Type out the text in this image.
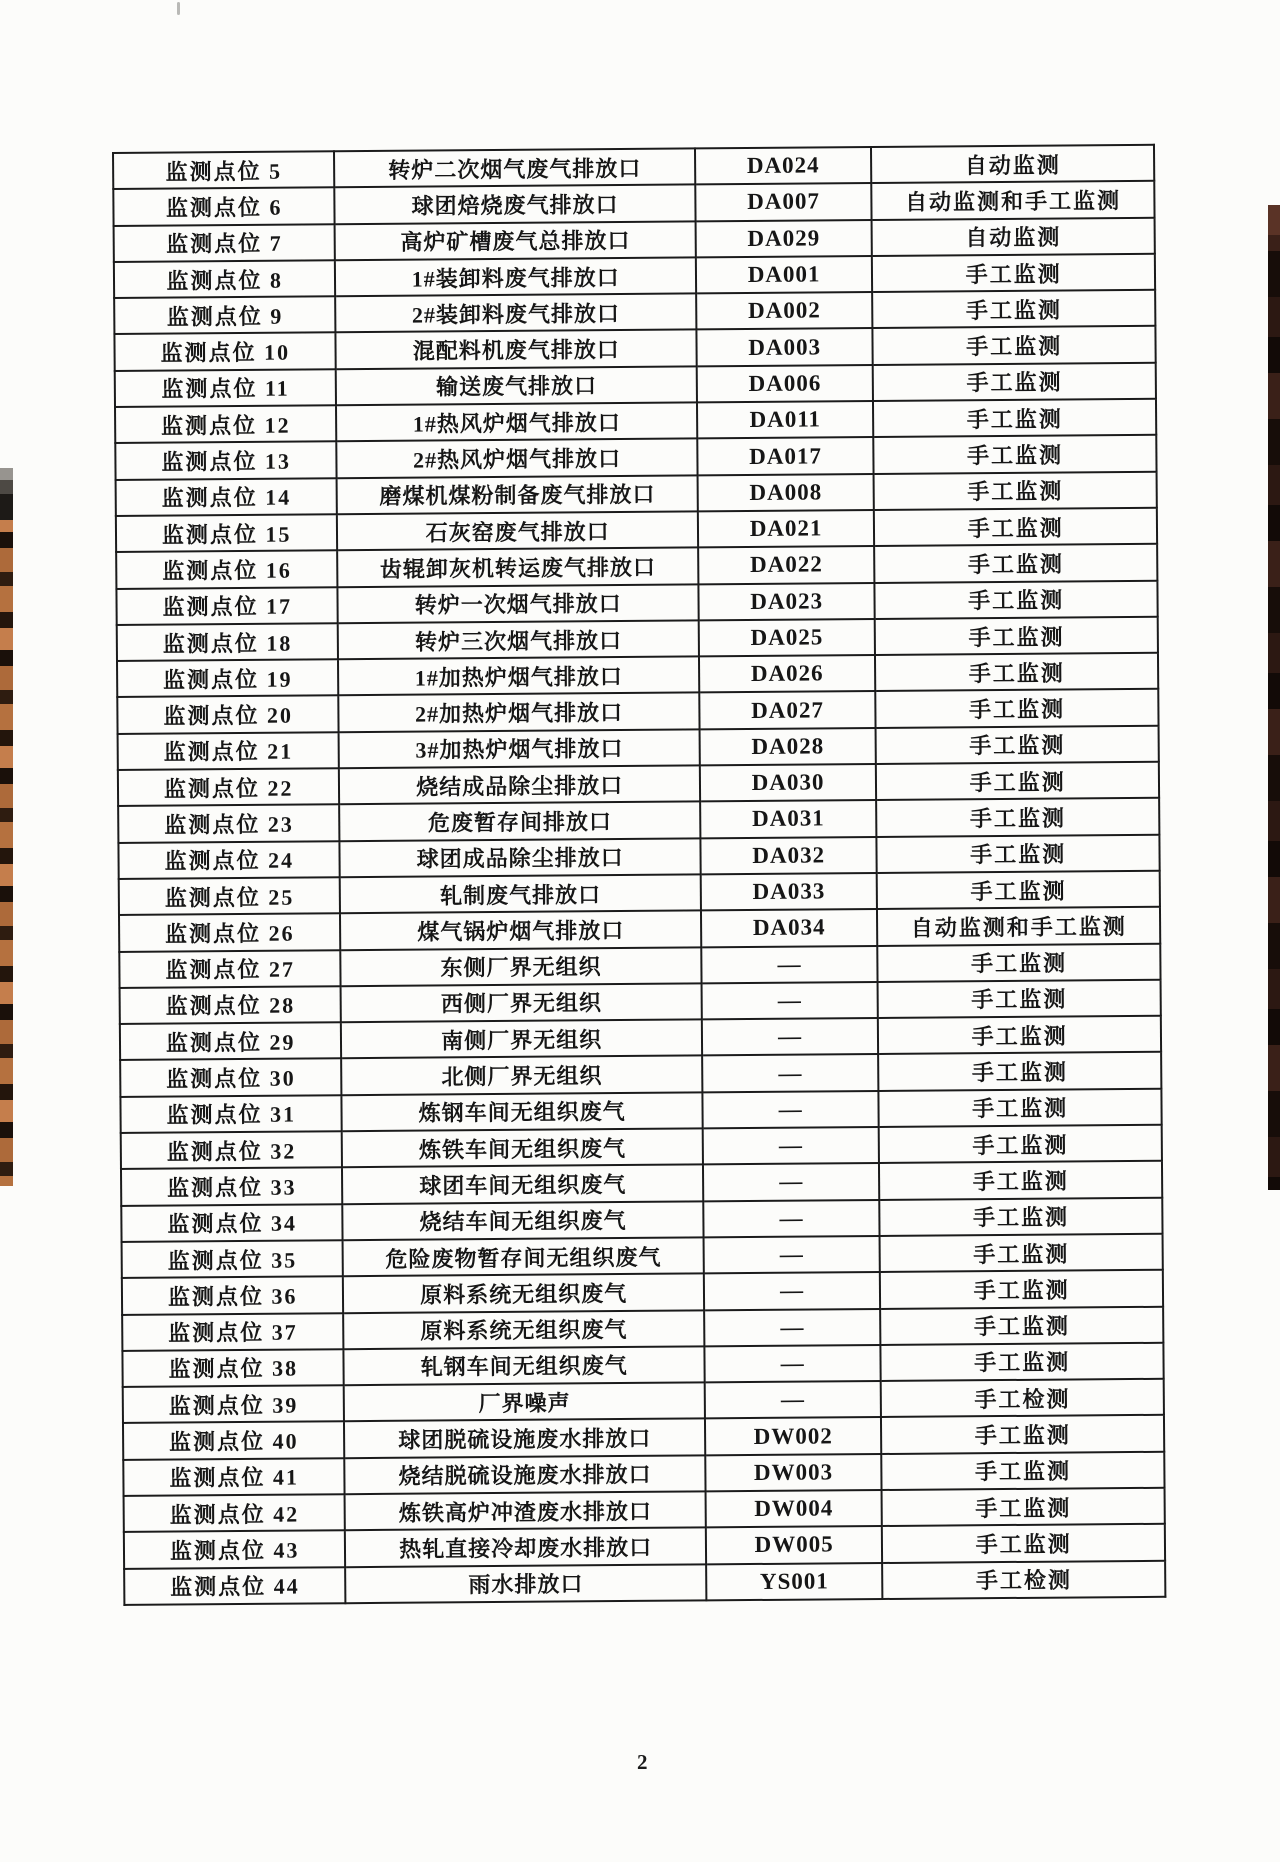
监测点位 5	转炉二次烟气废气排放口	DA024	自动监测
监测点位 6	球团焙烧废气排放口	DA007	自动监测和手工监测
监测点位 7	高炉矿槽废气总排放口	DA029	自动监测
监测点位 8	1#装卸料废气排放口	DA001	手工监测
监测点位 9	2#装卸料废气排放口	DA002	手工监测
监测点位 10	混配料机废气排放口	DA003	手工监测
监测点位 11	输送废气排放口	DA006	手工监测
监测点位 12	1#热风炉烟气排放口	DA011	手工监测
监测点位 13	2#热风炉烟气排放口	DA017	手工监测
监测点位 14	磨煤机煤粉制备废气排放口	DA008	手工监测
监测点位 15	石灰窑废气排放口	DA021	手工监测
监测点位 16	齿辊卸灰机转运废气排放口	DA022	手工监测
监测点位 17	转炉一次烟气排放口	DA023	手工监测
监测点位 18	转炉三次烟气排放口	DA025	手工监测
监测点位 19	1#加热炉烟气排放口	DA026	手工监测
监测点位 20	2#加热炉烟气排放口	DA027	手工监测
监测点位 21	3#加热炉烟气排放口	DA028	手工监测
监测点位 22	烧结成品除尘排放口	DA030	手工监测
监测点位 23	危废暂存间排放口	DA031	手工监测
监测点位 24	球团成品除尘排放口	DA032	手工监测
监测点位 25	轧制废气排放口	DA033	手工监测
监测点位 26	煤气锅炉烟气排放口	DA034	自动监测和手工监测
监测点位 27	东侧厂界无组织	—	手工监测
监测点位 28	西侧厂界无组织	—	手工监测
监测点位 29	南侧厂界无组织	—	手工监测
监测点位 30	北侧厂界无组织	—	手工监测
监测点位 31	炼钢车间无组织废气	—	手工监测
监测点位 32	炼铁车间无组织废气	—	手工监测
监测点位 33	球团车间无组织废气	—	手工监测
监测点位 34	烧结车间无组织废气	—	手工监测
监测点位 35	危险废物暂存间无组织废气	—	手工监测
监测点位 36	原料系统无组织废气	—	手工监测
监测点位 37	原料系统无组织废气	—	手工监测
监测点位 38	轧钢车间无组织废气	—	手工监测
监测点位 39	厂界噪声	—	手工检测
监测点位 40	球团脱硫设施废水排放口	DW002	手工监测
监测点位 41	烧结脱硫设施废水排放口	DW003	手工监测
监测点位 42	炼铁高炉冲渣废水排放口	DW004	手工监测
监测点位 43	热轧直接冷却废水排放口	DW005	手工监测
监测点位 44	雨水排放口	YS001	手工检测
2
